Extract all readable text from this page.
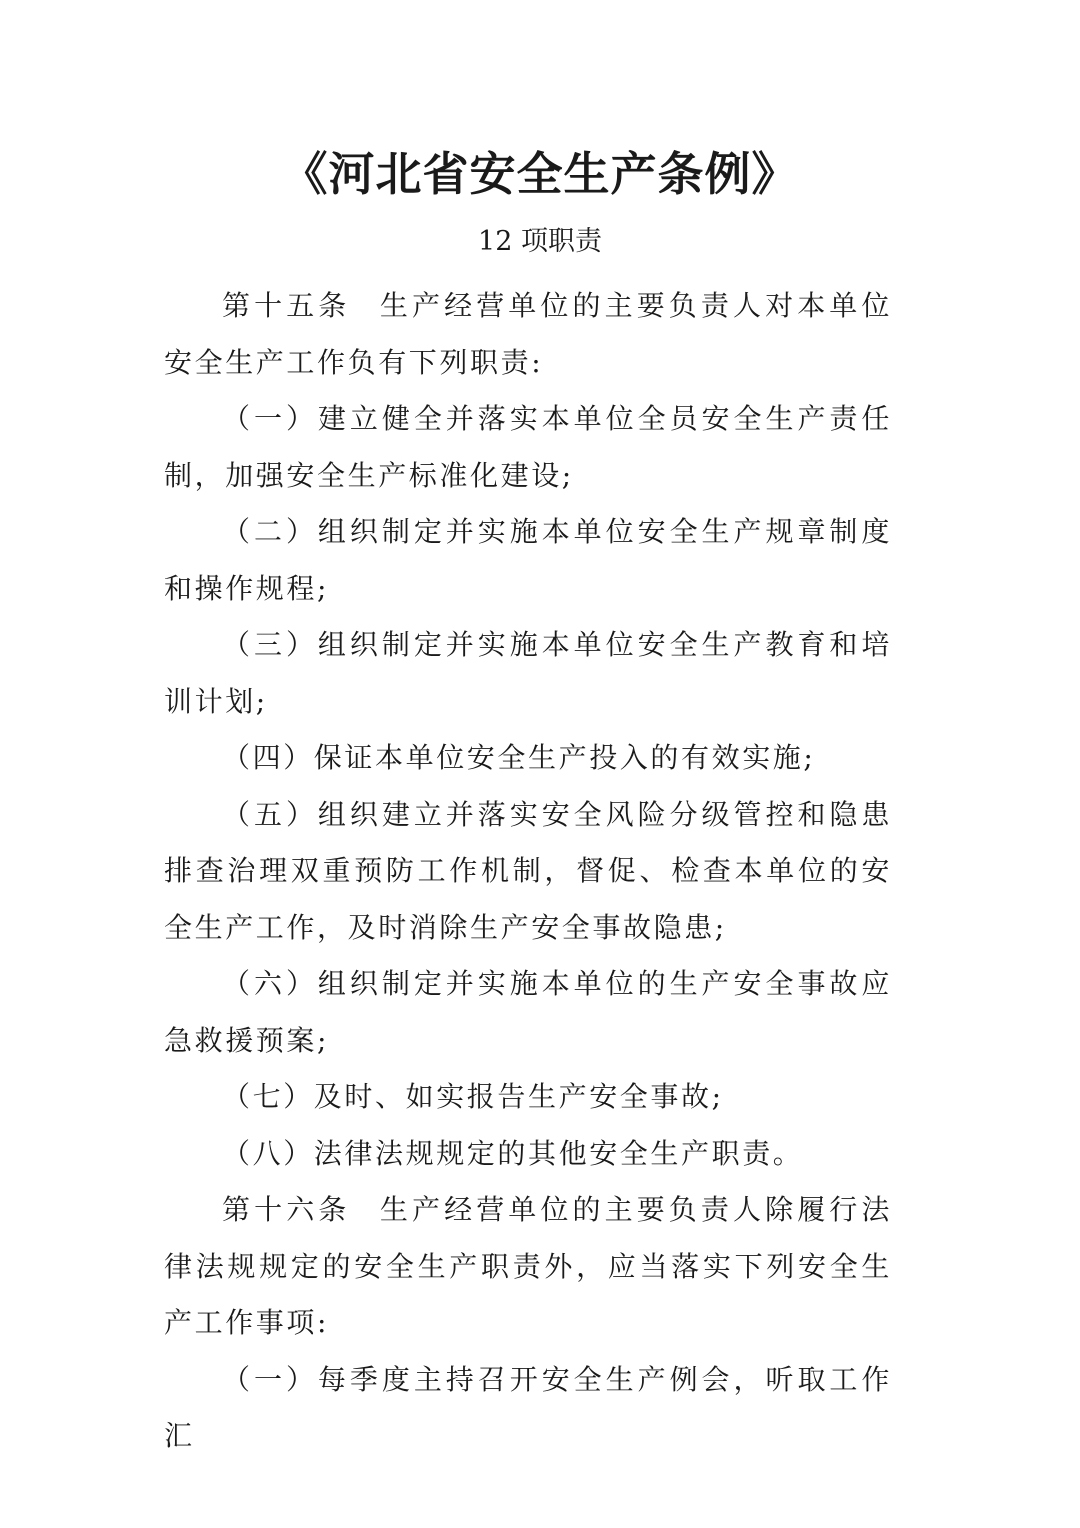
《河北省安全生产条例》
12 项职责

第十五条 生产经营单位的主要负责人对本单位安全生产工作负有下列职责:

（一）建立健全并落实本单位全员安全生产责任制，加强安全生产标准化建设;

（二）组织制定并实施本单位安全生产规章制度和操作规程;

（三）组织制定并实施本单位安全生产教育和培训计划;

（四）保证本单位安全生产投入的有效实施;

（五）组织建立并落实安全风险分级管控和隐患排查治理双重预防工作机制，督促、检查本单位的安全生产工作，及时消除生产安全事故隐患;

（六）组织制定并实施本单位的生产安全事故应急救援预案;

（七）及时、如实报告生产安全事故;

（八）法律法规规定的其他安全生产职责。

第十六条 生产经营单位的主要负责人除履行法律法规规定的安全生产职责外，应当落实下列安全生产工作事项:

（一）每季度主持召开安全生产例会，听取工作汇
